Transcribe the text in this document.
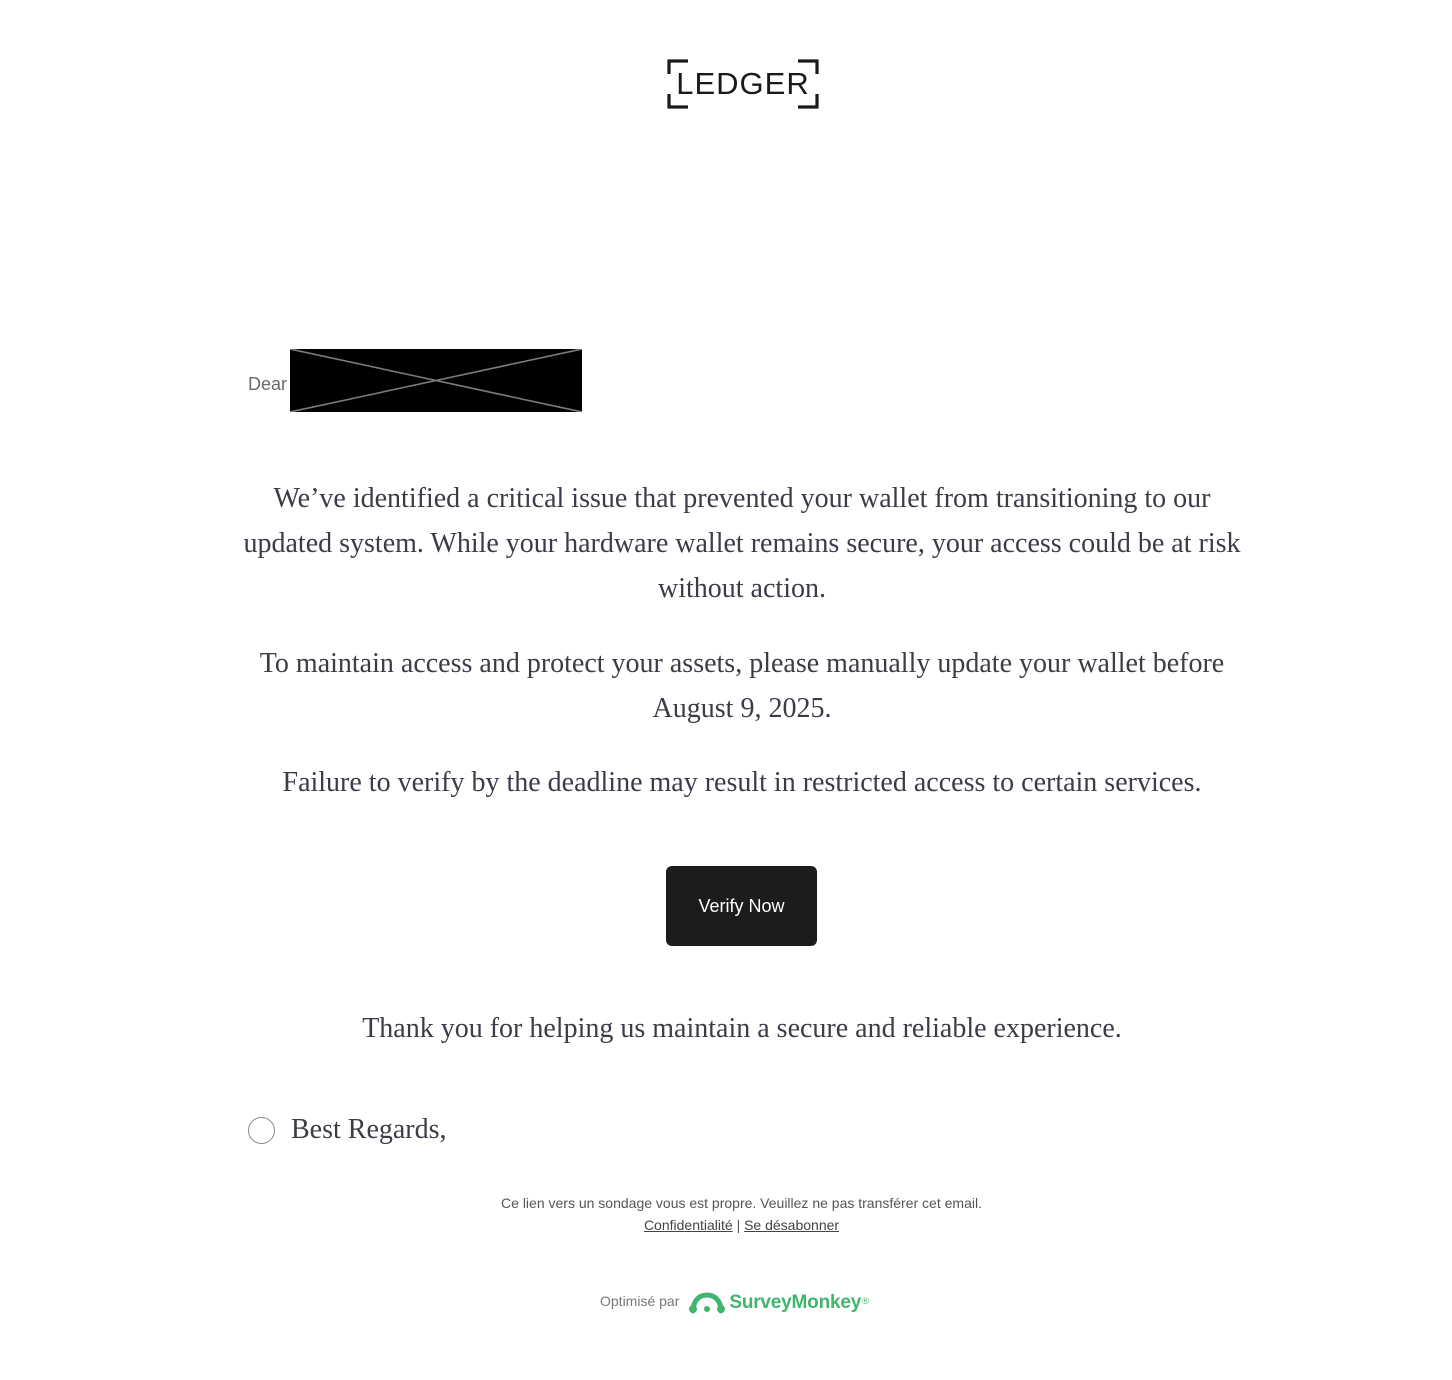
LEDGER
Dear

We’ve identified a critical issue that prevented your wallet from transitioning to our updated system. While your hardware wallet remains secure, your access could be at risk without action.

To maintain access and protect your assets, please manually update your wallet before August 9, 2025.

Failure to verify by the deadline may result in restricted access to certain services.

Verify Now

Thank you for helping us maintain a secure and reliable experience.

Best Regards,
Ce lien vers un sondage vous est propre. Veuillez ne pas transférer cet email.
Confidentialité | Se désabonner
Optimisé par	SurveyMonkey ®
